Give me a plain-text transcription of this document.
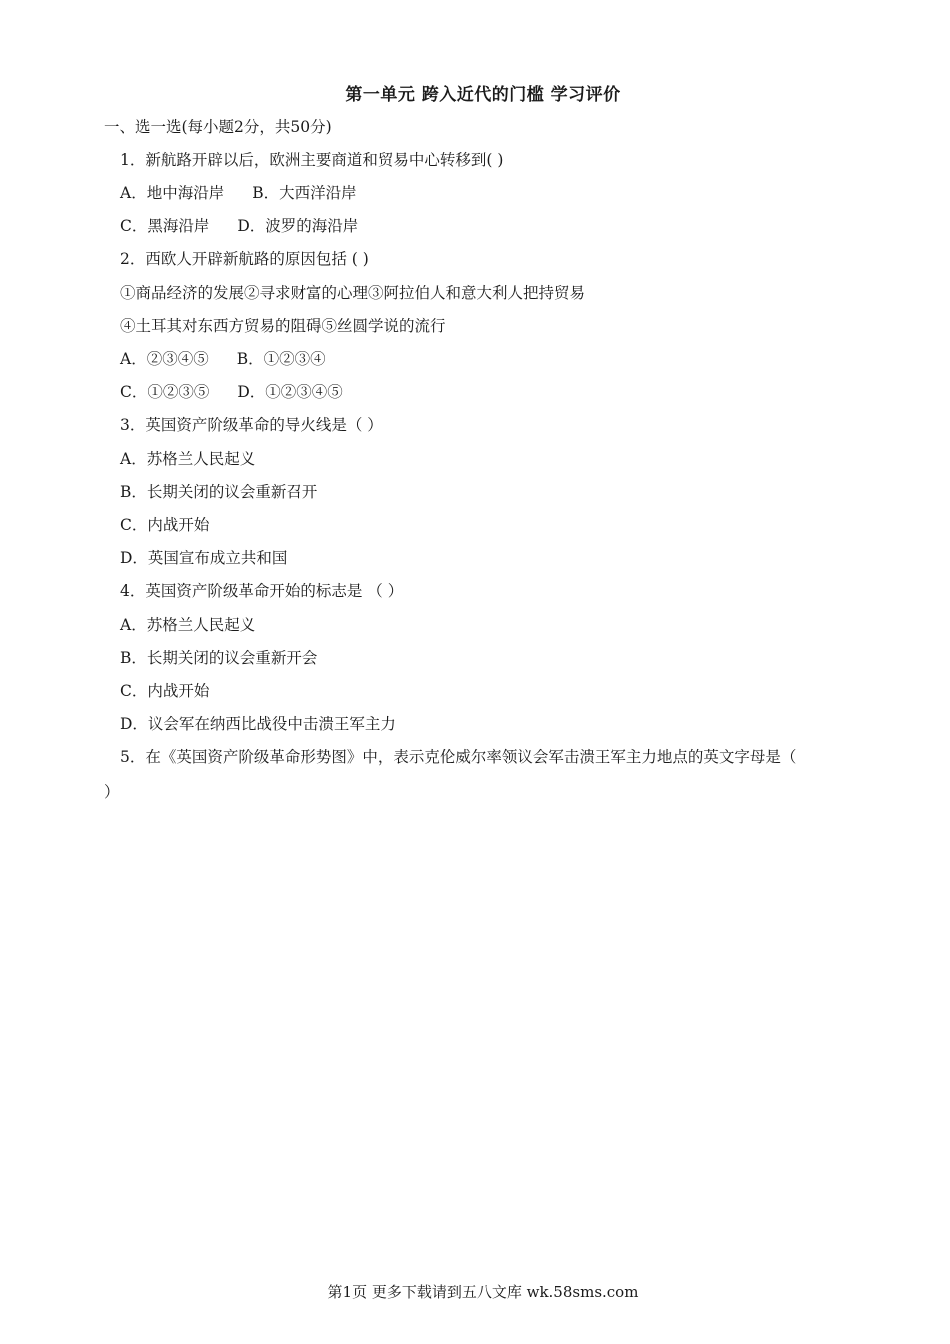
第一单元 跨入近代的门槛 学习评价
一、选一选(每小题2分，共50分)
1．新航路开辟以后，欧洲主要商道和贸易中心转移到( )
A．地中海沿岸 B．大西洋沿岸
C．黑海沿岸 D．波罗的海沿岸
2．西欧人开辟新航路的原因包括 ( )
①商品经济的发展②寻求财富的心理③阿拉伯人和意大利人把持贸易
④土耳其对东西方贸易的阻碍⑤丝圆学说的流行
A．②③④⑤ B．①②③④
C．①②③⑤ D．①②③④⑤
3．英国资产阶级革命的导火线是（ ）
A．苏格兰人民起义
B．长期关闭的议会重新召开
C．内战开始
D．英国宣布成立共和国
4．英国资产阶级革命开始的标志是 （ ）
A．苏格兰人民起义
B．长期关闭的议会重新开会
C．内战开始
D．议会军在纳西比战役中击溃王军主力
5．在《英国资产阶级革命形势图》中，表示克伦威尔率领议会军击溃王军主力地点的英文字母是（
）
第1页 更多下载请到五八文库 wk.58sms.com
